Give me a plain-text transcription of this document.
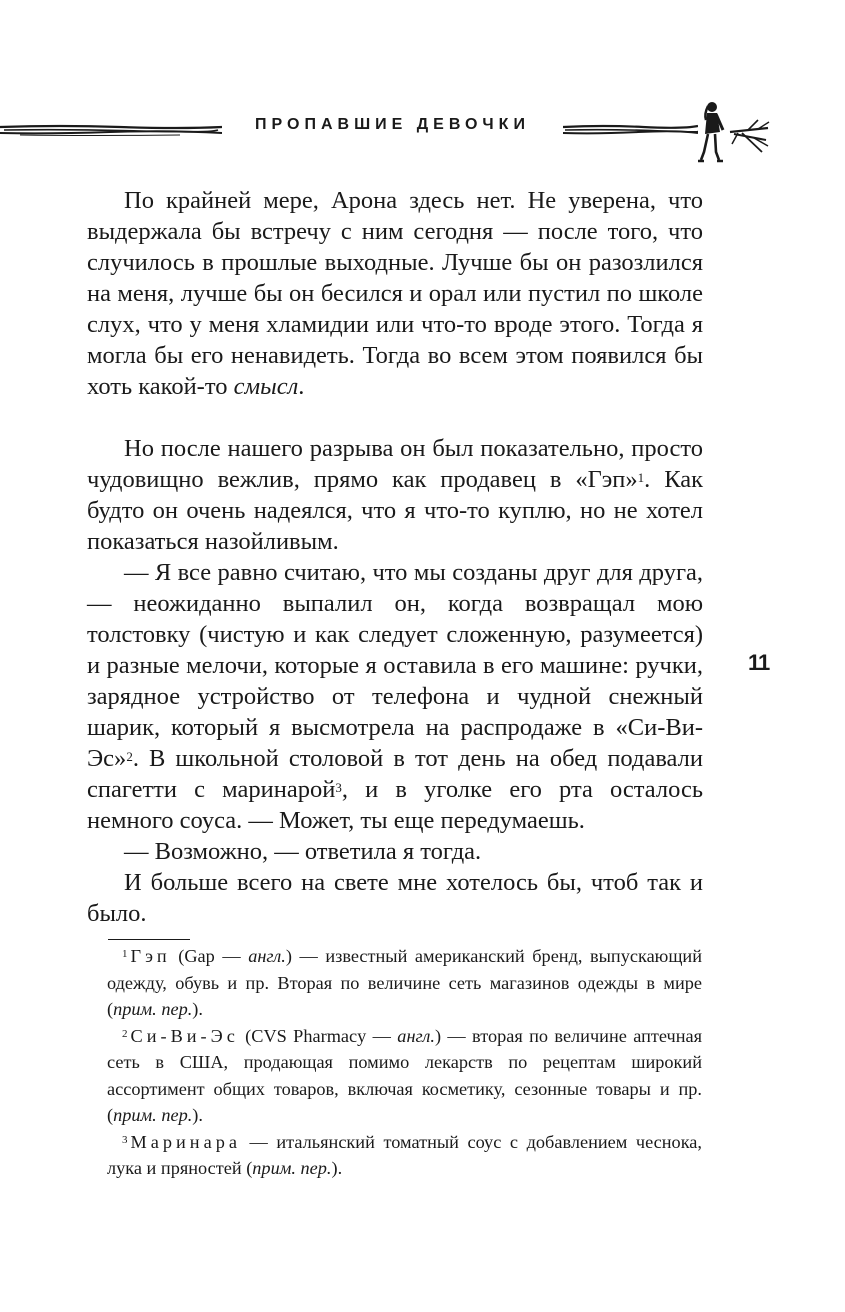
ПРОПАВШИЕ ДЕВОЧКИ

По крайней мере, Арона здесь нет. Не уверена, что выдержала бы встречу с ним сегодня — после того, что случилось в прошлые выходные. Лучше бы он разозлился на меня, лучше бы он бесился и орал или пустил по школе слух, что у меня хламидии или что-то вроде этого. Тогда я могла бы его ненавидеть. Тогда во всем этом появился бы хоть какой-то смысл.

Но после нашего разрыва он был показательно, просто чудовищно вежлив, прямо как продавец в «Гэп»$^1$. Как будто он очень надеялся, что я что-то куплю, но не хотел показаться назойливым.

— Я все равно считаю, что мы созданы друг для друга, — неожиданно выпалил он, когда возвращал мою толстовку (чистую и как следует сложенную, разумеется) и разные мелочи, которые я оставила в его машине: ручки, зарядное устройство от телефона и чудной снежный шарик, который я высмотрела на распродаже в «Си-Ви-Эс»$^2$. В школьной столовой в тот день на обед подавали спагетти с маринарой$^3$, и в уголке его рта осталось немного соуса. — Может, ты еще передумаешь.

— Возможно, — ответила я тогда.

И больше всего на свете мне хотелось бы, чтоб так и было.

11

$^1$ Гэп (Gap — англ.) — известный американский бренд, выпускающий одежду, обувь и пр. Вторая по величине сеть магазинов одежды в мире (прим. пер.).

$^2$ Си-Ви-Эс (CVS Pharmacy — англ.) — вторая по величине аптечная сеть в США, продающая помимо лекарств по рецептам широкий ассортимент общих товаров, включая косметику, сезонные товары и пр. (прим. пер.).

$^3$ Маринара — итальянский томатный соус с добавлением чеснока, лука и пряностей (прим. пер.).
